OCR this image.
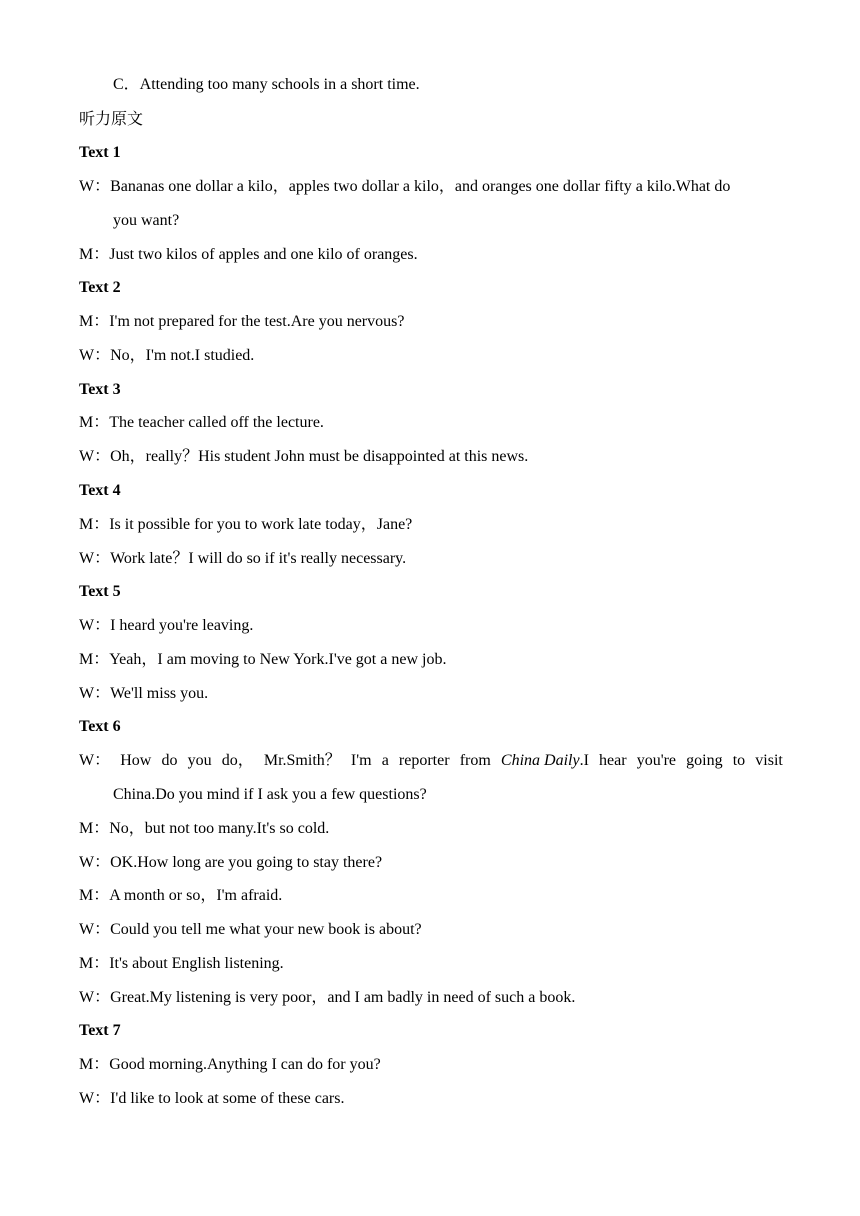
C．Attending too many schools in a short time.
听力原文
Text 1
W：Bananas one dollar a kilo，apples two dollar a kilo，and oranges one dollar fifty a kilo.What do
you want?
M：Just two kilos of apples and one kilo of oranges.
Text 2
M：I'm not prepared for the test.Are you nervous?
W：No，I'm not.I studied.
Text 3
M：The teacher called off the lecture.
W：Oh，really？His student John must be disappointed at this news.
Text 4
M：Is it possible for you to work late today，Jane?
W：Work late？I will do so if it's really necessary.
Text 5
W：I heard you're leaving.
M：Yeah，I am moving to New York.I've got a new job.
W：We'll miss you.
Text 6
W： How do you do， Mr.Smith？ I'm a reporter from China Daily.I hear you're going to visit
China.Do you mind if I ask you a few questions?
M：No，but not too many.It's so cold.
W：OK.How long are you going to stay there?
M：A month or so，I'm afraid.
W：Could you tell me what your new book is about?
M：It's about English listening.
W：Great.My listening is very poor，and I am badly in need of such a book.
Text 7
M：Good morning.Anything I can do for you?
W：I'd like to look at some of these cars.
